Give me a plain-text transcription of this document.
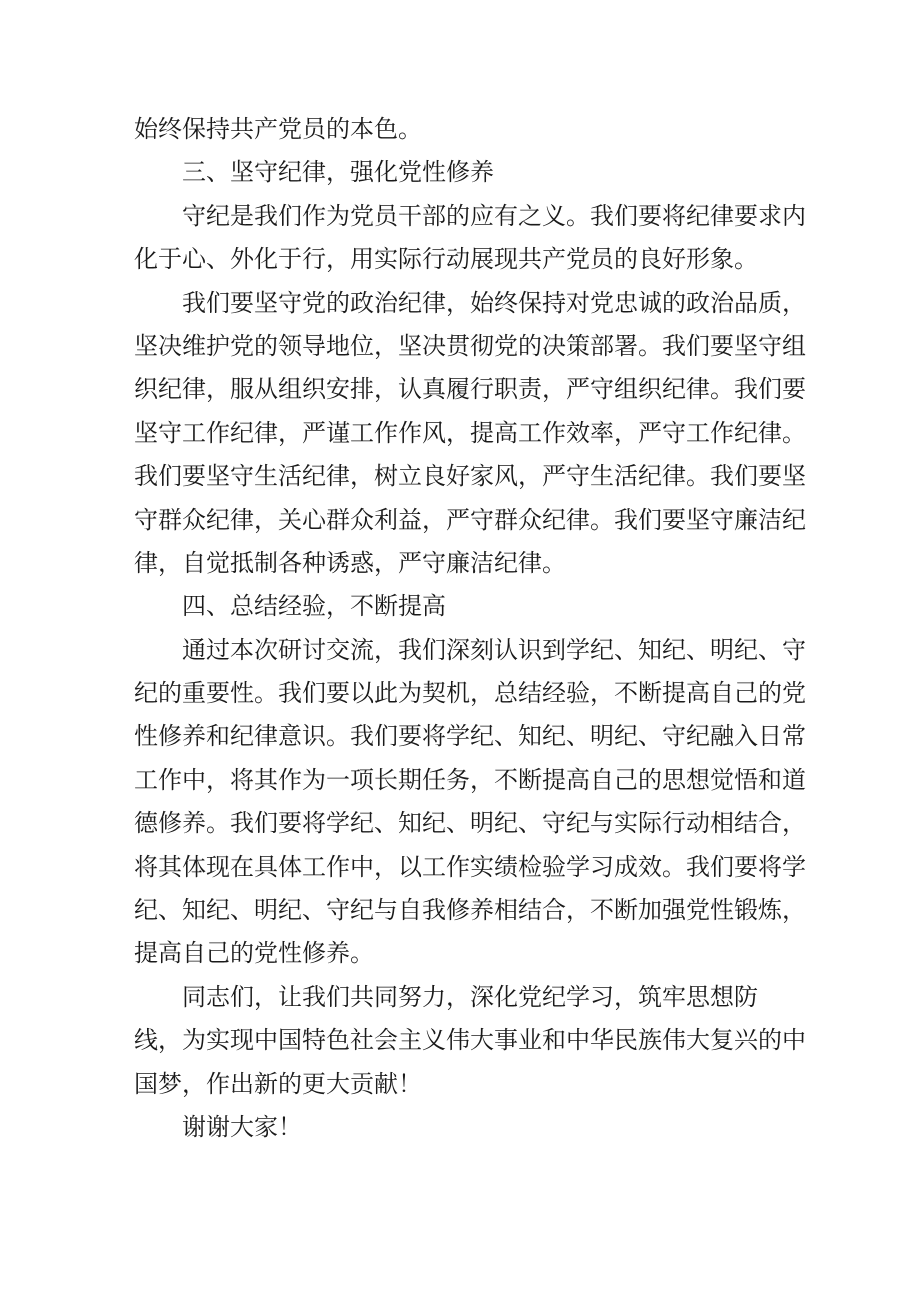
始终保持共产党员的本色。
三、坚守纪律，强化党性修养
守纪是我们作为党员干部的应有之义。我们要将纪律要求内
化于心、外化于行，用实际行动展现共产党员的良好形象。
我们要坚守党的政治纪律，始终保持对党忠诚的政治品质，
坚决维护党的领导地位，坚决贯彻党的决策部署。我们要坚守组
织纪律，服从组织安排，认真履行职责，严守组织纪律。我们要
坚守工作纪律，严谨工作作风，提高工作效率，严守工作纪律。
我们要坚守生活纪律，树立良好家风，严守生活纪律。我们要坚
守群众纪律，关心群众利益，严守群众纪律。我们要坚守廉洁纪
律，自觉抵制各种诱惑，严守廉洁纪律。
四、总结经验，不断提高
通过本次研讨交流，我们深刻认识到学纪、知纪、明纪、守
纪的重要性。我们要以此为契机，总结经验，不断提高自己的党
性修养和纪律意识。我们要将学纪、知纪、明纪、守纪融入日常
工作中，将其作为一项长期任务，不断提高自己的思想觉悟和道
德修养。我们要将学纪、知纪、明纪、守纪与实际行动相结合，
将其体现在具体工作中，以工作实绩检验学习成效。我们要将学
纪、知纪、明纪、守纪与自我修养相结合，不断加强党性锻炼，
提高自己的党性修养。
同志们，让我们共同努力，深化党纪学习，筑牢思想防
线，为实现中国特色社会主义伟大事业和中华民族伟大复兴的中
国梦，作出新的更大贡献！
谢谢大家！
